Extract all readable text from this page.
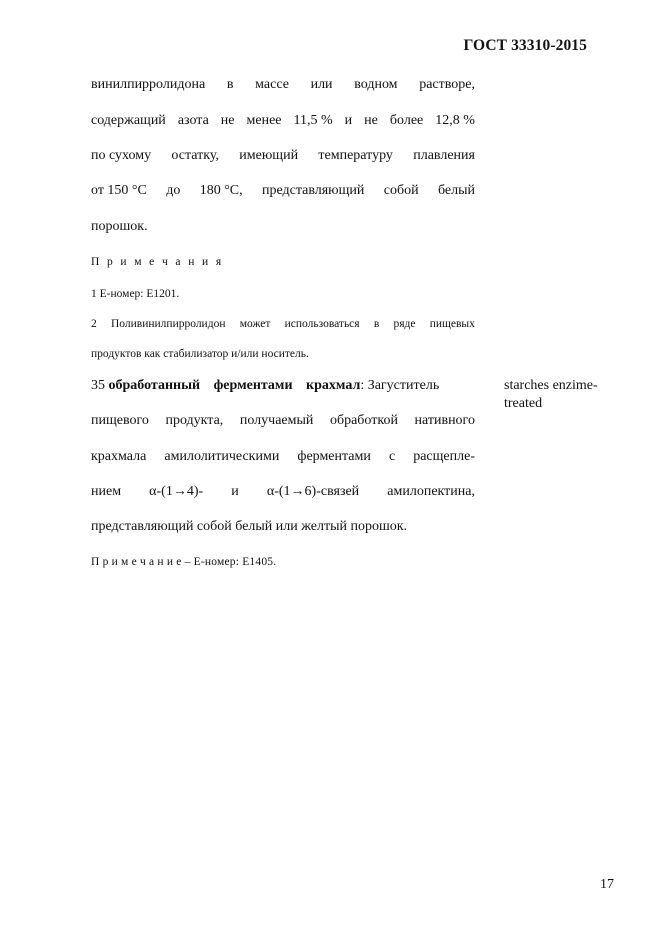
ГОСТ 33310-2015
винилпирролидона в массе или водном растворе,
содержащий азота не менее 11,5 % и не более 12,8 %
по сухому остатку, имеющий температуру плавления
от 150 °С до 180 °С, представляющий собой белый
порошок.
П р и м е ч а н и я
1 Е-номер: Е1201.
2 Поливинилпирролидон может использоваться в ряде пищевых
продуктов как стабилизатор и/или носитель.
35 обработанный ферментами крахмал: Загуститель
пищевого продукта, получаемый обработкой нативного
крахмала амилолитическими ферментами с расщепле-
нием α-(1→4)- и α-(1→6)-связей амилопектина,
представляющий собой белый или желтый порошок.
П р и м е ч а н и е – Е-номер: Е1405.
starches enzime-
treated
17
